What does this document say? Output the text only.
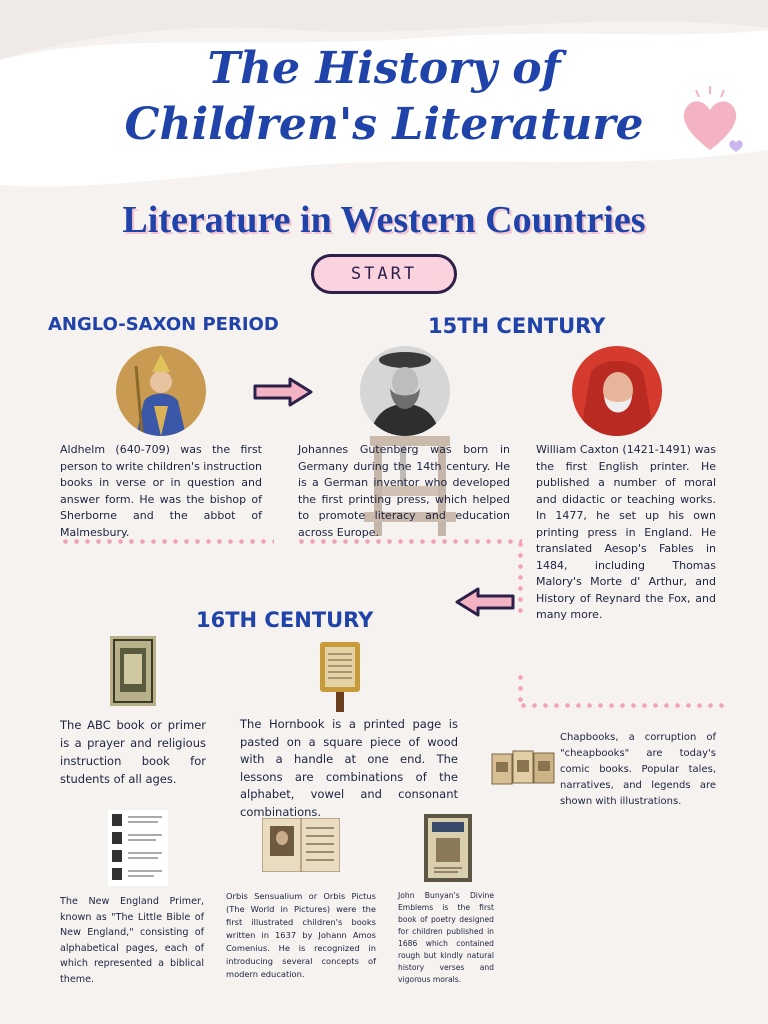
The History of
Children's Literature
Literature in Western Countries
START
ANGLO-SAXON PERIOD	15TH CENTURY
16TH CENTURY
Aldhelm (640-709) was the first person to write children's instruction books in verse or in question and answer form. He was the bishop of Sherborne and the abbot of Malmesbury.
Johannes Gutenberg was born in Germany during the 14th century. He is a German inventor who developed the first printing press, which helped to promote literacy and education across Europe.
William Caxton (1421-1491) was the first English printer. He published a number of moral and didactic or teaching works. In 1477, he set up his own printing press in England. He translated Aesop's Fables in 1484, including Thomas Malory's Morte d' Arthur, and History of Reynard the Fox, and many more.
The ABC book or primer is a prayer and religious instruction book for students of all ages.
The Hornbook is a printed page is pasted on a square piece of wood with a handle at one end. The lessons are combinations of the alphabet, vowel and consonant combinations.
Chapbooks, a corruption of "cheapbooks" are today's comic books. Popular tales, narratives, and legends are shown with illustrations.
The New England Primer, known as "The Little Bible of New England," consisting of alphabetical pages, each of which represented a biblical theme.
Orbis Sensualium or Orbis Pictus (The World in Pictures) were the first illustrated children's books written in 1637 by Johann Amos Comenius. He is recognized in introducing several concepts of modern education.
John Bunyan's Divine Emblems is the first book of poetry designed for children published in 1686 which contained rough but kindly natural history verses and vigorous morals.
